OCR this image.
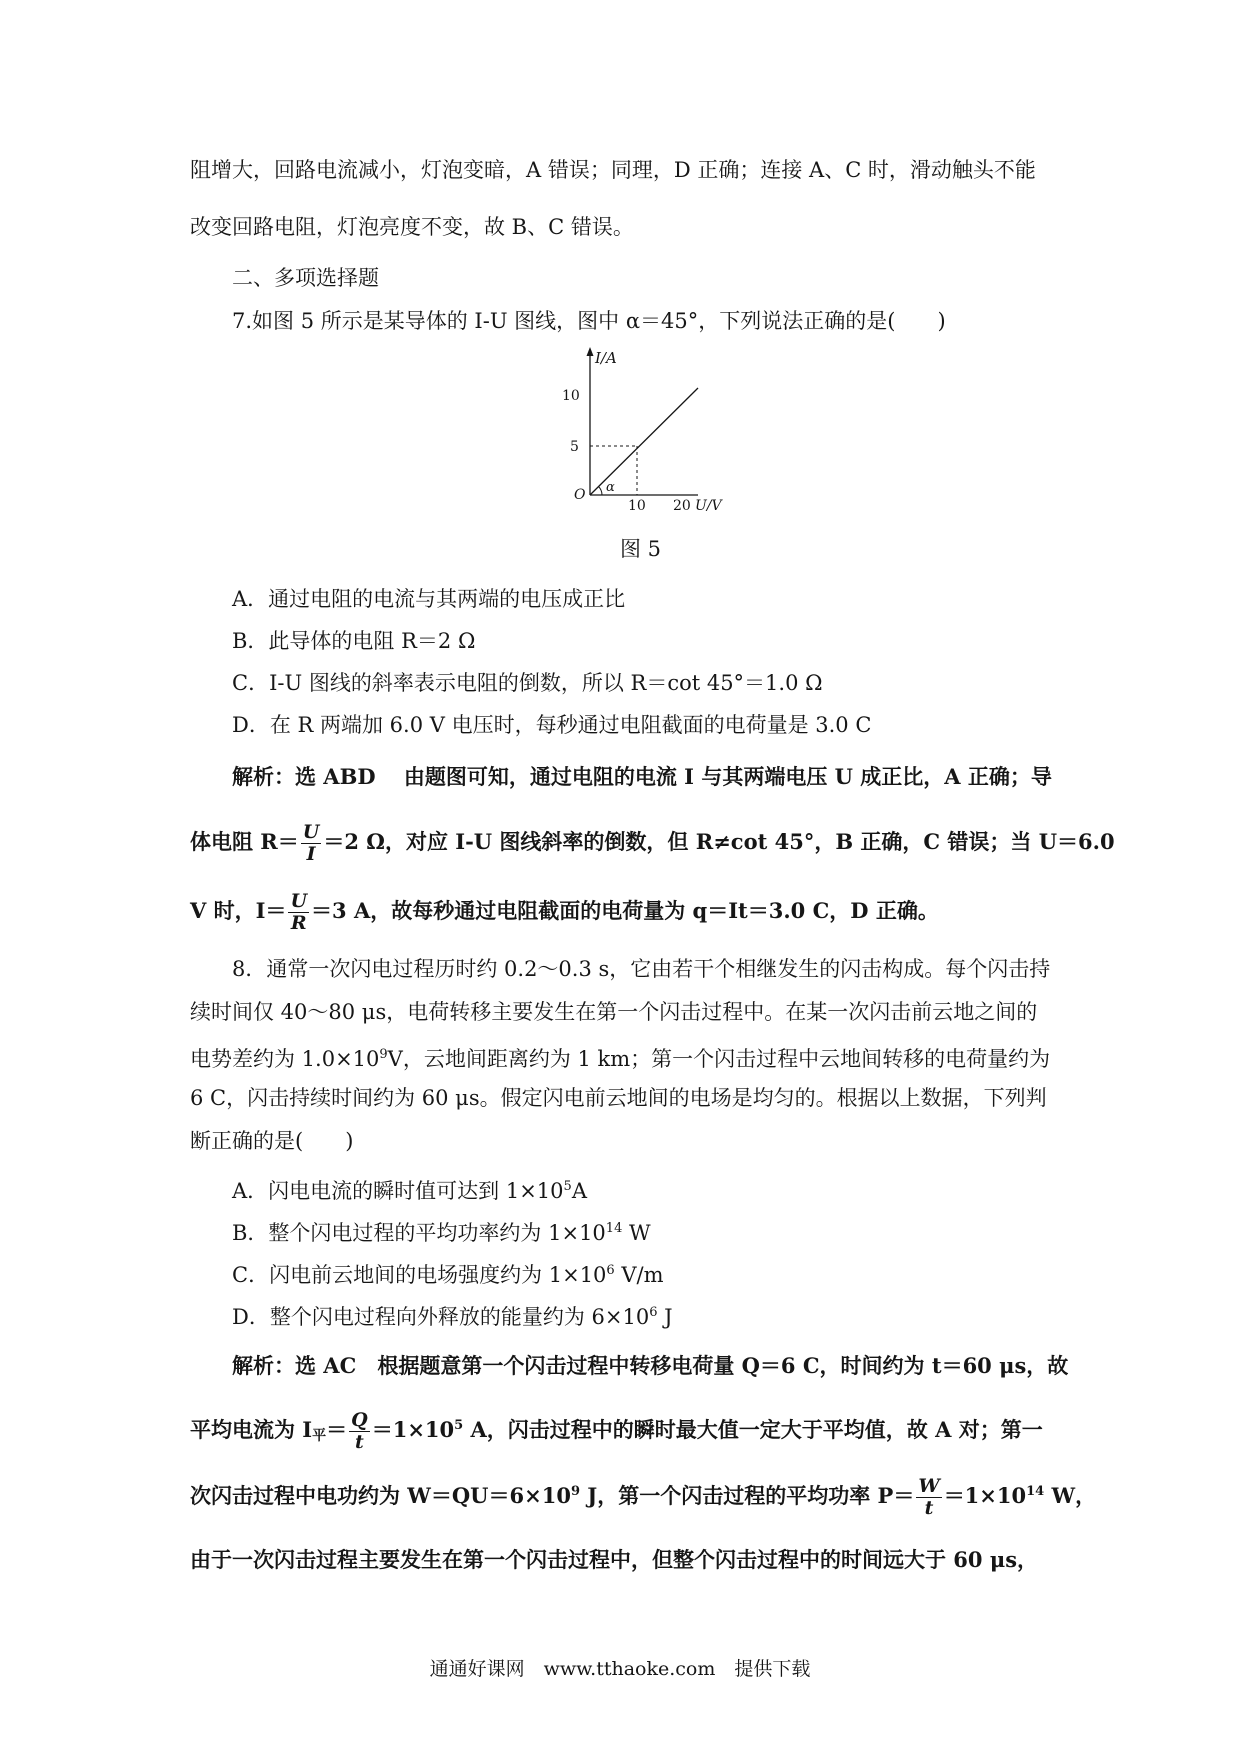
阻增大，回路电流减小，灯泡变暗，A 错误；同理，D 正确；连接 A、C 时，滑动触头不能
改变回路电阻，灯泡亮度不变，故 B、C 错误。
二、多项选择题
7.如图 5 所示是某导体的 I-U 图线，图中 α＝45°，下列说法正确的是(　　)
I/A
10
5
O α
10 20 U/V
图 5
A．通过电阻的电流与其两端的电压成正比
B．此导体的电阻 R＝2 Ω
C．I-U 图线的斜率表示电阻的倒数，所以 R＝cot 45°＝1.0 Ω
D．在 R 两端加 6.0 V 电压时，每秒通过电阻截面的电荷量是 3.0 C
解析：选 ABD　 由题图可知，通过电阻的电流 I 与其两端电压 U 成正比，A 正确；导
体电阻 $R= \frac{U}{I} =2$ Ω，对应 I-U 图线斜率的倒数，但 R≠cot 45°，B 正确，C 错误；当 U＝6.0
V 时，$I= \frac{U}{R} =3$ A，故每秒通过电阻截面的电荷量为 q＝It＝3.0 C，D 正确。
8．通常一次闪电过程历时约 0.2～0.3 s，它由若干个相继发生的闪击构成。每个闪击持
续时间仅 40～80 μs，电荷转移主要发生在第一个闪击过程中。在某一次闪击前云地之间的
电势差约为 $1.0\times 10^9V$，云地间距离约为 1 km；第一个闪击过程中云地间转移的电荷量约为
6 C，闪击持续时间约为 60 μs。假定闪电前云地间的电场是均匀的。根据以上数据，下列判
断正确的是(　　)
A．闪电电流的瞬时值可达到 $1\times 10^5A$
B．整个闪电过程的平均功率约为 $1\times 10^{14}$ W
C．闪电前云地间的电场强度约为 $1\times 10^6$ V/m
D．整个闪电过程向外释放的能量约为 $6\times 10^6$ J
解析：选 AC　根据题意第一个闪击过程中转移电荷量 Q＝6 C，时间约为 t＝60 μs，故
平均电流为 I平＝ $\frac{Q}{t} =1\times 10^5$ A，闪击过程中的瞬时最大值一定大于平均值，故 A 对；第一
次闪击过程中电功约为 $W=QU=6\times 10^9$ J，第一个闪击过程的平均功率 $P= \frac{W}{t} =1\times 10^{14}$ W，
由于一次闪击过程主要发生在第一个闪击过程中，但整个闪击过程中的时间远大于 60 μs，
通通好课网　www.tthaoke.com　提供下载
